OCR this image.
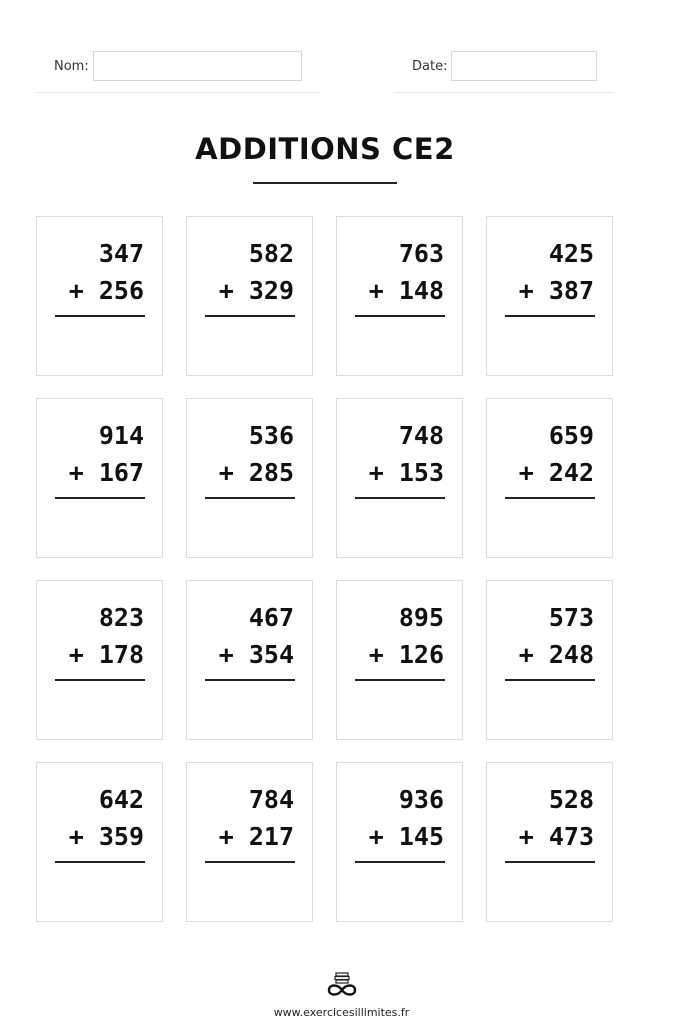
Nom:	Date:
ADDITIONS CE2
347
+ 256
582
+ 329
763
+ 148
425
+ 387
914
+ 167
536
+ 285
748
+ 153
659
+ 242
823
+ 178
467
+ 354
895
+ 126
573
+ 248
642
+ 359
784
+ 217
936
+ 145
528
+ 473
www.exercicesillimites.fr
